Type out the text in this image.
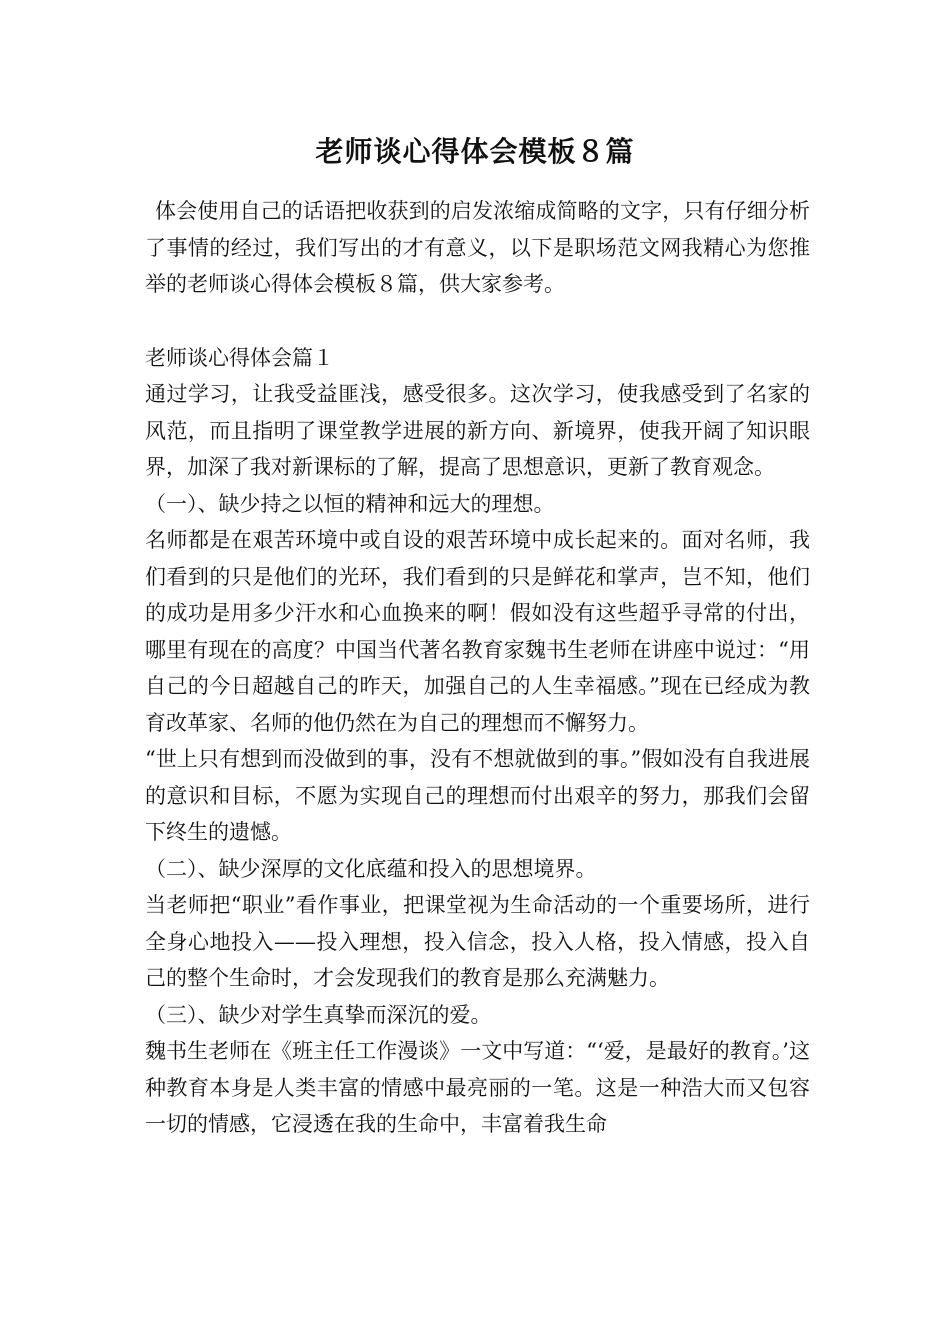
老师谈心得体会模板８篇

体会使用自己的话语把收获到的启发浓缩成简略的文字，只有仔细分析了事情的经过，我们写出的才有意义，以下是职场范文网我精心为您推举的老师谈心得体会模板８篇，供大家参考。

老师谈心得体会篇１

通过学习，让我受益匪浅，感受很多。这次学习，使我感受到了名家的风范，而且指明了课堂教学进展的新方向、新境界，使我开阔了知识眼界，加深了我对新课标的了解，提高了思想意识，更新了教育观念。

（一）、缺少持之以恒的精神和远大的理想。

名师都是在艰苦环境中或自设的艰苦环境中成长起来的。面对名师，我们看到的只是他们的光环，我们看到的只是鲜花和掌声，岂不知，他们的成功是用多少汗水和心血换来的啊！假如没有这些超乎寻常的付出，哪里有现在的高度？中国当代著名教育家魏书生老师在讲座中说过：“用自己的今日超越自己的昨天，加强自己的人生幸福感。”现在已经成为教育改革家、名师的他仍然在为自己的理想而不懈努力。

“世上只有想到而没做到的事，没有不想就做到的事。”假如没有自我进展的意识和目标，不愿为实现自己的理想而付出艰辛的努力，那我们会留下终生的遗憾。

（二）、缺少深厚的文化底蕴和投入的思想境界。

当老师把“职业”看作事业，把课堂视为生命活动的一个重要场所，进行全身心地投入——投入理想，投入信念，投入人格，投入情感，投入自己的整个生命时，才会发现我们的教育是那么充满魅力。

（三）、缺少对学生真挚而深沉的爱。

魏书生老师在《班主任工作漫谈》一文中写道：“‘爱，是最好的教育。’这种教育本身是人类丰富的情感中最亮丽的一笔。这是一种浩大而又包容一切的情感，它浸透在我的生命中，丰富着我生命
